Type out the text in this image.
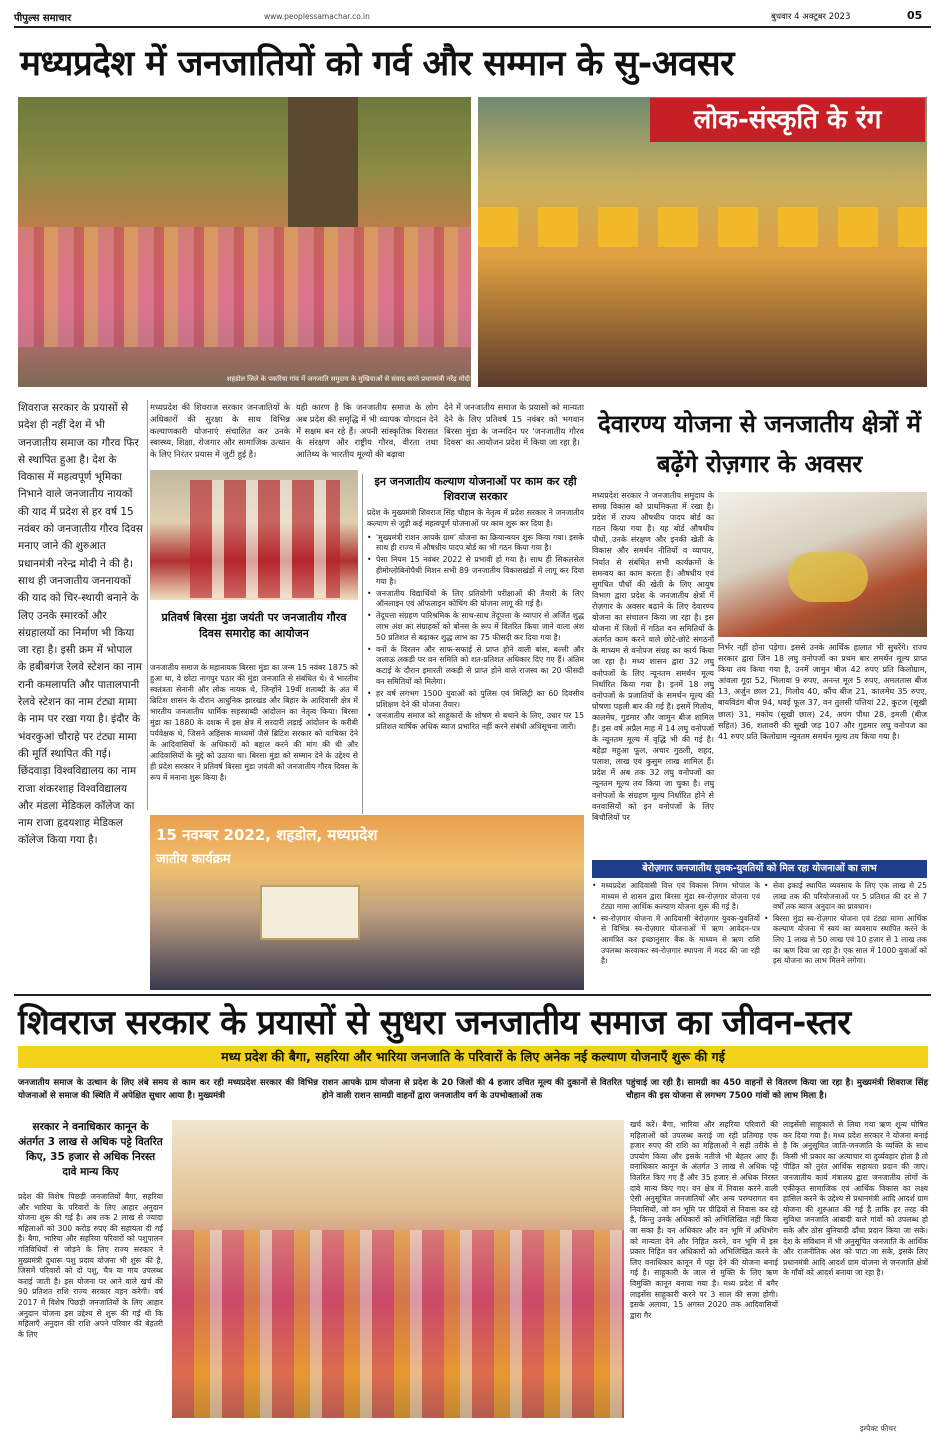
पीपुल्स समाचार	www.peoplessamachar.co.in	बुधवार 4 अक्टूबर 2023	05
मध्यप्रदेश में जनजातियों को गर्व और सम्मान के सु-अवसर
शहडोल जिले के पकरिया गांव में जनजाति समुदाय के मुखियाओं से संवाद करते प्रधानमंत्री नरेंद्र मोदी
लोक-संस्कृति के रंग
शिवराज सरकार के प्रयासों से प्रदेश ही नहीं देश में भी जनजातीय समाज का गौरव फिर से स्थापित हुआ है। देश के विकास में महत्वपूर्ण भूमिका निभाने वाले जनजातीय नायकों की याद में प्रदेश से हर वर्ष 15 नवंबर को जनजातीय गौरव दिवस मनाए जाने की शुरुआत प्रधानमंत्री नरेन्द्र मोदी ने की है। साथ ही जनजातीय जननायकों की याद को चिर-स्थायी बनाने के लिए उनके स्मारकों और संग्रहालयों का निर्माण भी किया जा रहा है। इसी क्रम में भोपाल के हबीबगंज रेलवे स्टेशन का नाम रानी कमलापति और पातालपानी रेलवे स्टेशन का नाम टंट्या मामा के नाम पर रखा गया है। इंदौर के भंवरकुआं चौराहे पर टंट्या मामा की मूर्ति स्थापित की गई। छिंदवाड़ा विश्वविद्यालय का नाम राजा शंकरशाह विश्वविद्यालय और मंडला मेडिकल कॉलेज का नाम राजा हृदयशाह मेडिकल कॉलेज किया गया है।
मध्यप्रदेश की शिवराज सरकार जनजातियों के अधिकारों की सुरक्षा के साथ विभिन्न कल्याणकारी योजनाएं संचालित कर उनके स्वास्थ्य, शिक्षा, रोजगार और सामाजिक उत्थान के लिए निरंतर प्रयास में जुटी हुई है।
यही कारण है कि जनजातीय समाज के लोग अब प्रदेश की समृद्धि में भी व्यापक योगदान देने में सक्षम बन रहे हैं। अपनी सांस्कृतिक विरासत के संरक्षण और राष्ट्रीय गौरव, वीरता तथा आतिथ्य के भारतीय मूल्यों की बढ़ावा
देने में जनजातीय समाज के प्रयासों को मान्यता देने के लिए प्रतिवर्ष 15 नवंबर को भगवान बिरसा मुंडा के जन्मदिन पर 'जनजातीय गौरव दिवस' का आयोजन प्रदेश में किया जा रहा है।
प्रतिवर्ष बिरसा मुंडा जयंती पर जनजातीय गौरव दिवस समारोह का आयोजन
जनजातीय समाज के महानायक बिरसा मुंडा का जन्म 15 नवंबर 1875 को हुआ था, वे छोटा नागपुर पठार की मुंडा जनजाति से संबंधित थे। वे भारतीय स्वतंत्रता सेनानी और लोक नायक थे, जिन्होंने 19वीं शताब्दी के अंत में ब्रिटिश शासन के दौरान आधुनिक झारखंड और बिहार के आदिवासी क्षेत्र में भारतीय जनजातीय धार्मिक सहस्त्राब्दी आंदोलन का नेतृत्व किया। बिरसा मुंडा का 1880 के दशक में इस क्षेत्र में सरदारी लड़ाई आंदोलन के करीबी पर्यवेक्षक थे, जिसने अहिंसक माध्यमों जैसे ब्रिटिश सरकार को याचिका देने के आदिवासियों के अधिकारों को बहाल करने की मांग की थी और आदिवासियों के मुद्दे को उठाया था। बिरसा मुंडा को सम्मान देने के उद्देश्य से ही प्रदेश सरकार ने प्रतिवर्ष बिरसा मुंडा जयंती को जनजातीय गौरव दिवस के रूप में मनाना शुरू किया है।
इन जनजातीय कल्याण योजनाओं पर काम कर रही शिवराज सरकार
प्रदेश के मुख्यमंत्री शिवराज सिंह चौहान के नेतृत्व में प्रदेश सरकार ने जनजातीय कल्याण से जुड़ी कई महत्वपूर्ण योजनाओं पर काम शुरू कर दिया है।
• 'मुख्यमंत्री राशन आपके ग्राम' योजना का क्रियान्वयन शुरू किया गया। इसके साथ ही राज्य में औषधीय पादप बोर्ड का भी गठन किया गया है।
• पेसा नियम 15 नवंबर 2022 से प्रभावी हो गया है। साथ ही सिकलसेल हीमोग्लोबिनोपैथी मिशन सभी 89 जनजातीय विकासखंडों में लागू कर दिया गया है।
• जनजातीय विद्यार्थियों के लिए प्रतियोगी परीक्षाओं की तैयारी के लिए ऑनलाइन एवं ऑफलाइन कोचिंग की योजना लागू की गई है।
• तेंदूपत्ता संग्रहण पारिश्रमिक के साथ-साथ तेंदूपत्ता के व्यापार से अर्जित शुद्ध लाभ अंश का संग्राहकों को बोनस के रूप में वितरित किया जाने वाला अंश 50 प्रतिशत से बढ़ाकर शुद्ध लाभ का 75 फीसदी कर दिया गया है।
• वनों के विरलन और साफ-सफाई से प्राप्त होने वाली बांस, बल्ली और जलाऊ लकड़ी पर वन समिति को शत-प्रतिशत अधिकार दिए गए हैं। अंतिम कटाई के दौरान इमारती लकड़ी से प्राप्त होने वाले राजस्व का 20 फीसदी वन समितियों को मिलेगा।
• हर वर्ष लगभग 1500 युवाओं को पुलिस एवं मिलिट्री का 60 दिवसीय प्रशिक्षण देने की योजना तैयार।
• जनजातीय समाज को साहूकारों के शोषण से बचाने के लिए, उधार पर 15 प्रतिशत वार्षिक अधिक ब्याज प्रभारित नहीं करने संबंधी अधिसूचना जारी।
15 नवम्बर 2022, शहडोल, मध्यप्रदेश
जातीय कार्यक्रम
देवारण्य योजना से जनजातीय क्षेत्रों में बढ़ेंगे रोज़गार के अवसर
मध्यप्रदेश सरकार ने जनजातीय समुदाय के समग्र विकास को प्राथमिकता में रखा है। प्रदेश में राज्य औषधीय पादप बोर्ड का गठन किया गया है। यह बोर्ड औषधीय पौधों, उनके संरक्षण और इनकी खेती के विकास और समर्थन नीतियों व व्यापार, निर्यात से संबंधित सभी कार्यक्रमों के समन्वय का काम करता है। औषधीय एवं सुगंधित पौधों की खेती के लिए आयुष विभाग द्वारा प्रदेश के जनजातीय क्षेत्रों में रोज़गार के अवसर बढ़ाने के लिए देवारण्य योजना का संचालन किया जा रहा है। इस योजना में जिलों में गठित वन समितियों के अंतर्गत काम करने वाले छोटे-छोटे संगठनों के माध्यम से वनोपज संग्रह का कार्य किया जा रहा है। मध्य शासन द्वारा 32 लघु वनोपजों के लिए न्यूनतम समर्थन मूल्य निर्धारित किया गया है। इनमें 18 लघु वनोपजों के प्रजातियों के समर्थन मूल्य की घोषणा पहली बार की गई है। इसमें गिलोय, कालमेघ, गुडमार और जामुन बीज शामिल हैं। इस वर्ष अप्रैल माह में 14 लघु वनोपजों के न्यूनतम मूल्य में वृद्धि भी की गई है। बहेड़ा महुआ फूल, अचार गुठली, शहद, पलाश, लाख एवं कुसुम लाख शामिल हैं। प्रदेश में अब तक 32 लघु वनोपजों का न्यूनतम मूल्य तय किया जा चुका है। लघु वनोपजों के संग्रहण मूल्य निर्धारित होने से वनवासियों को इन वनोपजों के लिए बिचौलियों पर
निर्भर नहीं होना पड़ेगा। इससे उनके आर्थिक हालात भी सुधरेंगे। राज्य सरकार द्वारा जिन 18 लघु वनोपजों का प्रथम बार समर्थन मूल्य प्राप्त किया तय किया गया है, उनमें जामुन बीज 42 रुपए प्रति किलोग्राम, आंवला गूदा 52, भिलावा 9 रुपए, अनन्त मूल 5 रुपए, अमलतास बीज 13, अर्जुन छाल 21, गिलोय 40, कौंच बीज 21, कालमेघ 35 रुपए, बायविडंग बीज 94, धवई फूल 37, वन तुलसी पत्तियां 22, कुटज (सूखी छाल) 31, मकोय (सूखी छाल) 24, अपंग पौधा 28, इमली (बीज सहित) 36, शतावरी की सूखी जड़ 107 और गुड़मार लघु वनोपज का 41 रुपए प्रति किलोग्राम न्यूनतम समर्थन मूल्य तय किया गया है।
बेरोज़गार जनजातीय युवक-युवतियों को मिल रहा योजनाओं का लाभ
• मध्यप्रदेश आदिवासी वित्त एवं विकास निगम भोपाल के माध्यम से शासन द्वारा बिरसा मुंडा स्व-रोज़गार योजना एवं टंट्या मामा आर्थिक कल्याण योजना शुरू की गई है।
• स्व-रोज़गार योजना में आदिवासी बेरोज़गार युवक-युवतियों से विभिन्न स्व-रोज़गार योजनाओं में ऋण आवेदन-पत्र आमंत्रित कर इच्छानुसार बैंक के माध्यम से ऋण राशि उपलब्ध करवाकर स्व-रोज़गार स्थापना में मदद की जा रही है।
• सेवा इकाई स्थापित व्यवसाय के लिए एक लाख से 25 लाख तक की परियोजनाओं पर 5 प्रतिशत की दर से 7 वर्षों तक ब्याज अनुदान का प्रावधान।
• बिरसा मुंडा स्व-रोज़गार योजना एवं टंट्या मामा आर्थिक कल्याण योजना में स्वयं का व्यवसाय स्थापित करने के लिए 1 लाख से 50 लाख एवं 10 हजार से 1 लाख तक का ऋण दिया जा रहा है। एक साल में 1000 युवाओं को इस योजना का लाभ मिलने लगेगा।
शिवराज सरकार के प्रयासों से सुधरा जनजातीय समाज का जीवन-स्तर
मध्य प्रदेश की बैगा, सहरिया और भारिया जनजाति के परिवारों के लिए अनेक नई कल्याण योजनाएँ शुरू की गई
जनजातीय समाज के उत्थान के लिए लंबे समय से काम कर रही मध्यप्रदेश सरकार की विभिन्न योजनाओं से समाज की स्थिति में अपेक्षित सुधार आया है। मुख्यमंत्री
राशन आपके ग्राम योजना से प्रदेश के 20 जिलों की 4 हजार उचित मूल्य की दुकानों से वितरित होने वाली राशन सामग्री वाहनों द्वारा जनजातीय वर्ग के उपभोक्ताओं तक
पहुंचाई जा रही है। सामग्री का 450 वाहनों से वितरण किया जा रहा है। मुख्यमंत्री शिवराज सिंह चौहान की इस योजना से लगभग 7500 गांवों को लाभ मिला है।
सरकार ने वनाधिकार कानून के अंतर्गत 3 लाख से अधिक पट्टे वितरित किए, 35 हजार से अधिक निरस्त दावे मान्य किए
प्रदेश की विशेष पिछड़ी जनजातियों बैगा, सहरिया और भारिया के परिवारों के लिए आहार अनुदान योजना शुरू की गई है। अब तक 2 लाख से ज्यादा महिलाओं को 300 करोड़ रुपए की सहायता दी गई है। बैगा, भारिया और सहरिया परिवारों को पशुपालन गतिविधियों से जोड़ने के लिए राज्य सरकार ने मुख्यमंत्री दुधारू पशु प्रदाय योजना भी शुरू की है, जिसमें परिवारों को दो पशु, चैत्र या गाय उपलब्ध कराई जाती है। इस योजना पर आने वाले खर्च की 90 प्रतिशत राशि राज्य सरकार वहन करेगी। वर्ष 2017 में विशेष पिछड़ी जनजातियों के लिए आहार अनुदान योजना इस उद्देश्य से शुरू की गई थी कि महिलाएँ अनुदान की राशि अपने परिवार की बेहतरी के लिए
खर्च करें। बैगा, भारिया और सहरिया परिवारों की महिलाओं को उपलब्ध कराई जा रही प्रतिमाह एक हजार रुपए की राशि का महिलाओं ने सही तरीके से उपयोग किया और इसके नतीजे भी बेहतर आए हैं। वनाधिकार कानून के अंतर्गत 3 लाख से अधिक पट्टे वितरित किए गए हैं और 35 हजार से अधिक निरस्त दावे मान्य किए गए। वन क्षेत्र में निवास करने वाली ऐसी अनुसूचित जनजातियों और अन्य परम्परागत वन निवासियों, जो वन भूमि पर पीढ़ियों से निवास कर रहे हैं, किन्तु उनके अधिकारों को अभिलिखित नहीं किया जा सका है। वन अधिकार और वन भूमि में अधिभोग को मान्यता देने और निहित करने, वन भूमि में इस प्रकार निहित वन अधिकारों को अभिलिखित करने के लिए वनाधिकार कानून में पट्टा देने की योजना बनाई गई है। साहूकारी के जाल से मुक्ति के लिए ऋण विमुक्ति कानून बनाया गया है। मध्य प्रदेश में बगैर लाइसेंस साहूकारी करने पर 3 साल की सजा होगी। इसके अलावा, 15 अगस्त 2020 तक आदिवासियों द्वारा गैर
लाइसेंसी साहूकारों से लिया गया ऋण शून्य घोषित कर दिया गया है। मध्य प्रदेश सरकार ने योजना बनाई है कि अनुसूचित जाति-जनजाति के व्यक्ति के साथ किसी भी प्रकार का अत्याचार या दुर्व्यवहार होता है तो पीड़ित को तुरंत आर्थिक सहायता प्रदान की जाए। जनजातीय कार्य मंत्रालय द्वारा जनजातीय लोगों के एकीकृत सामाजिक एवं आर्थिक विकास का लक्ष्य हासिल करने के उद्देश्य से प्रधानमंत्री आदि आदर्श ग्राम योजना की शुरुआत की गई है ताकि हर तरह की सुविधा जनजाति आबादी वाले गांवों को उपलब्ध हो सके और ठोस बुनियादी ढाँचा प्रदान किया जा सके। देश के संविधान में भी अनुसूचित जनजाति के आर्थिक और राजनीतिक अंश को पाटा जा सके, इसके लिए प्रधानमंत्री आदि आदर्श ग्राम योजना से जनजाति क्षेत्रों के गाँवों को आदर्श बनाया जा रहा है।
इम्पैक्ट फीचर
